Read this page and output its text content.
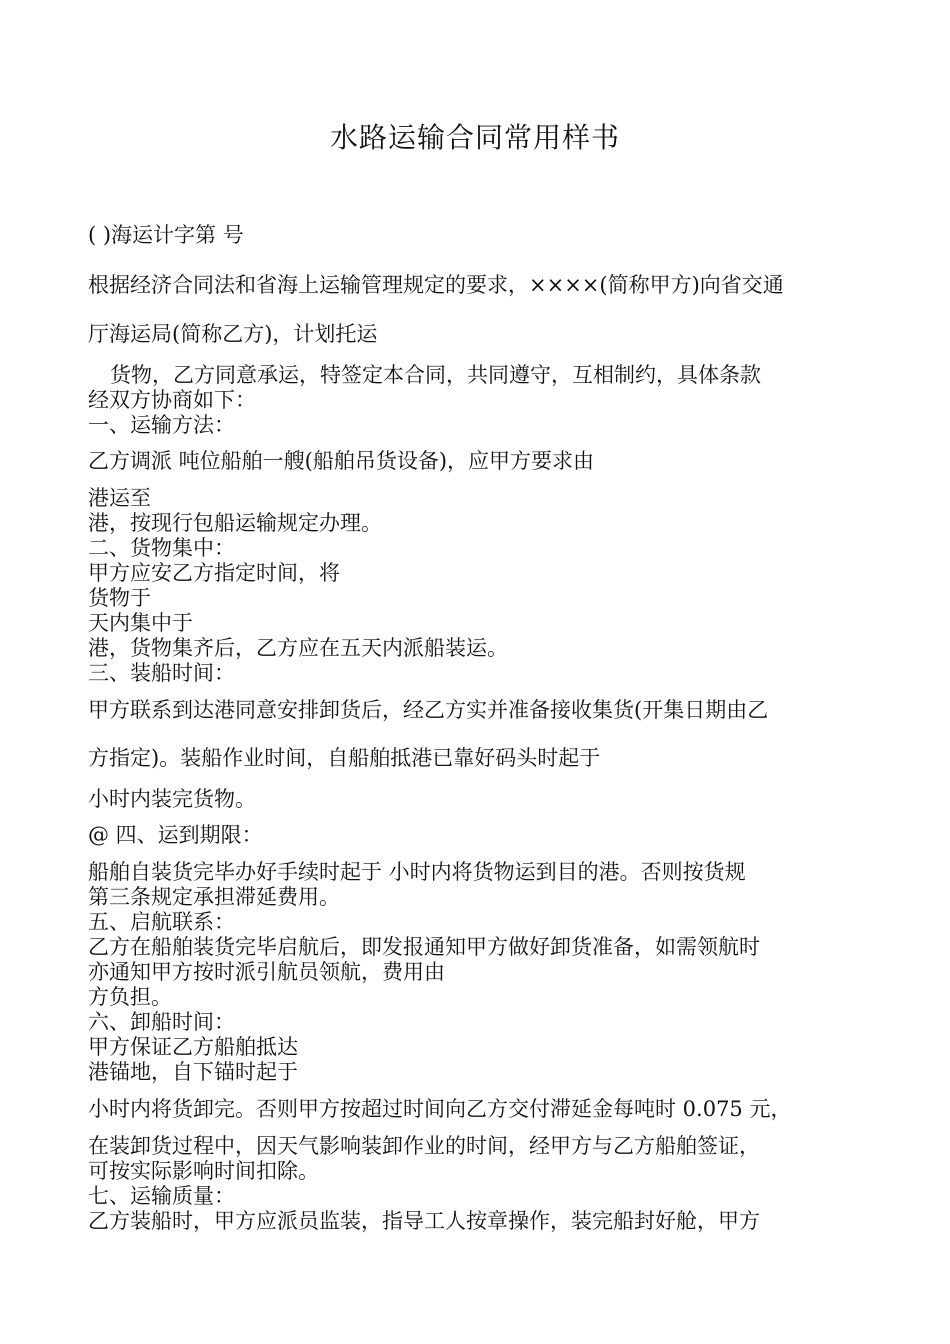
水路运输合同常用样书
( )海运计字第 号
根据经济合同法和省海上运输管理规定的要求，××××(简称甲方)向省交通
厅海运局(简称乙方)，计划托运
货物，乙方同意承运，特签定本合同，共同遵守，互相制约，具体条款
经双方协商如下：
一、运输方法：
乙方调派 吨位船舶一艘(船舶吊货设备)，应甲方要求由
港运至
港，按现行包船运输规定办理。
二、货物集中：
甲方应安乙方指定时间，将
货物于
天内集中于
港，货物集齐后，乙方应在五天内派船装运。
三、装船时间：
甲方联系到达港同意安排卸货后，经乙方实并准备接收集货(开集日期由乙
方指定)。装船作业时间，自船舶抵港已靠好码头时起于
小时内装完货物。
@ 四、运到期限：
船舶自装货完毕办好手续时起于 小时内将货物运到目的港。否则按货规
第三条规定承担滞延费用。
五、启航联系：
乙方在船舶装货完毕启航后，即发报通知甲方做好卸货准备，如需领航时
亦通知甲方按时派引航员领航，费用由
方负担。
六、卸船时间：
甲方保证乙方船舶抵达
港锚地，自下锚时起于
小时内将货卸完。否则甲方按超过时间向乙方交付滞延金每吨时 0.075 元，
在装卸货过程中，因天气影响装卸作业的时间，经甲方与乙方船舶签证，
可按实际影响时间扣除。
七、运输质量：
乙方装船时，甲方应派员监装，指导工人按章操作，装完船封好舱，甲方
